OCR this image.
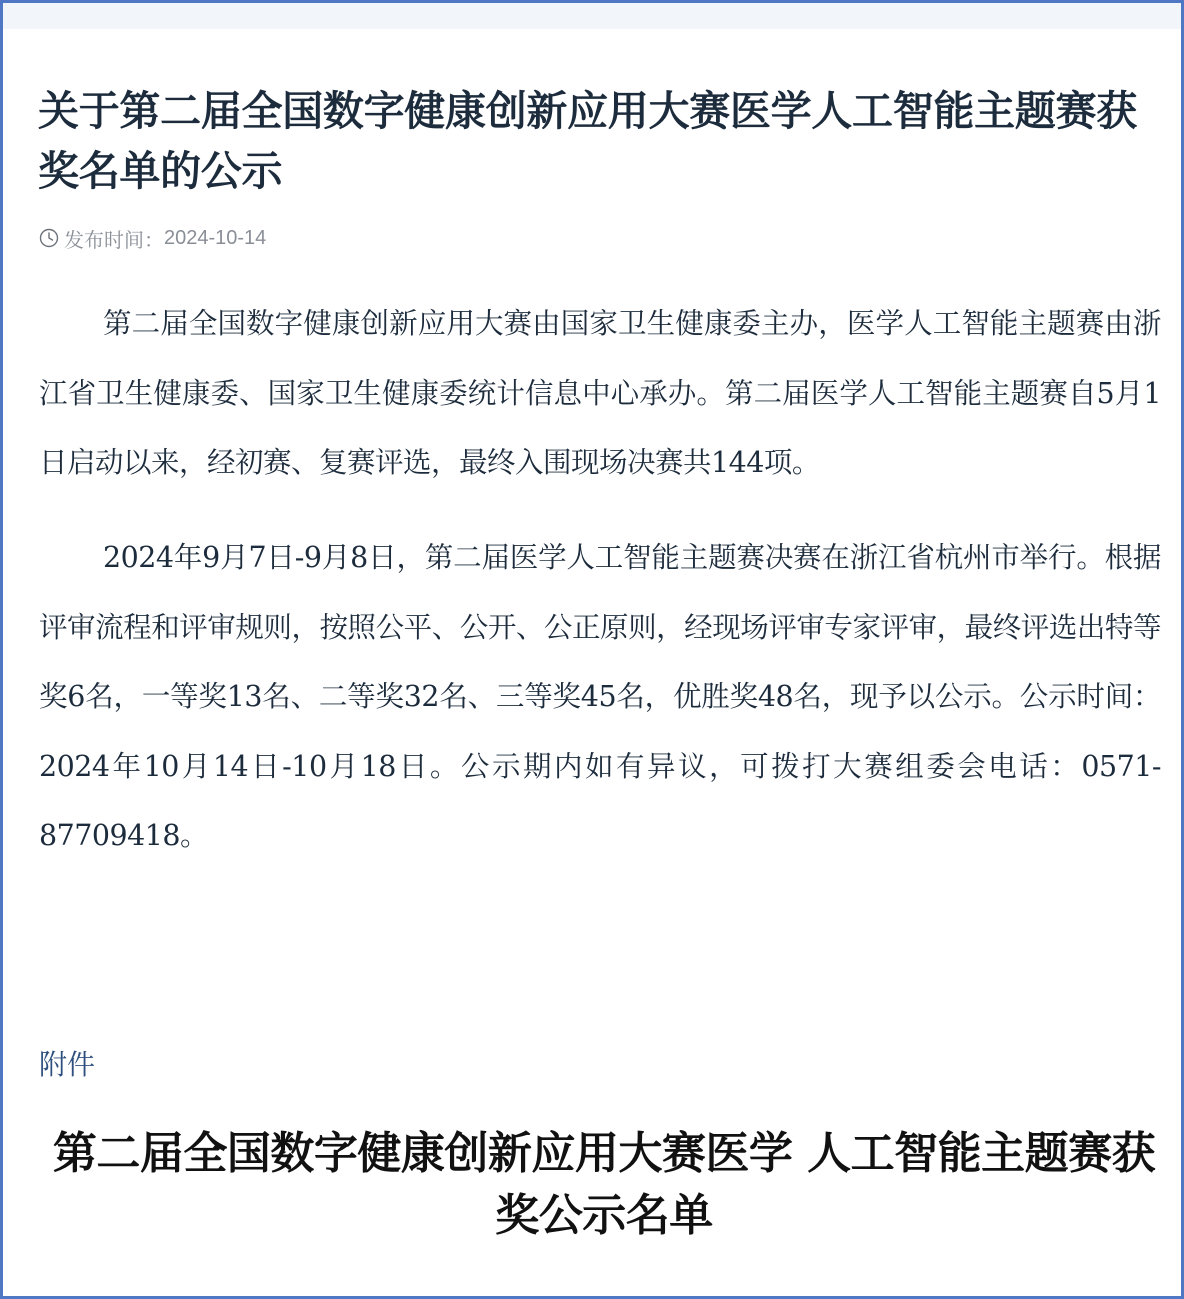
关于第二届全国数字健康创新应用大赛医学人工智能主题赛获奖名单的公示
发布时间： 2024-10-14

第二届全国数字健康创新应用大赛由国家卫生健康委主办，医学人工智能主题赛由浙江省卫生健康委、国家卫生健康委统计信息中心承办。第二届医学人工智能主题赛自5月1日启动以来，经初赛、复赛评选，最终入围现场决赛共144项。

2024年9月7日-9月8日，第二届医学人工智能主题赛决赛在浙江省杭州市举行。根据评审流程和评审规则，按照公平、公开、公正原则，经现场评审专家评审，最终评选出特等奖6名，一等奖13名、二等奖32名、三等奖45名，优胜奖48名，现予以公示。公示时间：2024年10月14日-10月18日。公示期内如有异议，可拨打大赛组委会电话：0571-87709418。

附件
第二届全国数字健康创新应用大赛医学 人工智能主题赛获奖公示名单
